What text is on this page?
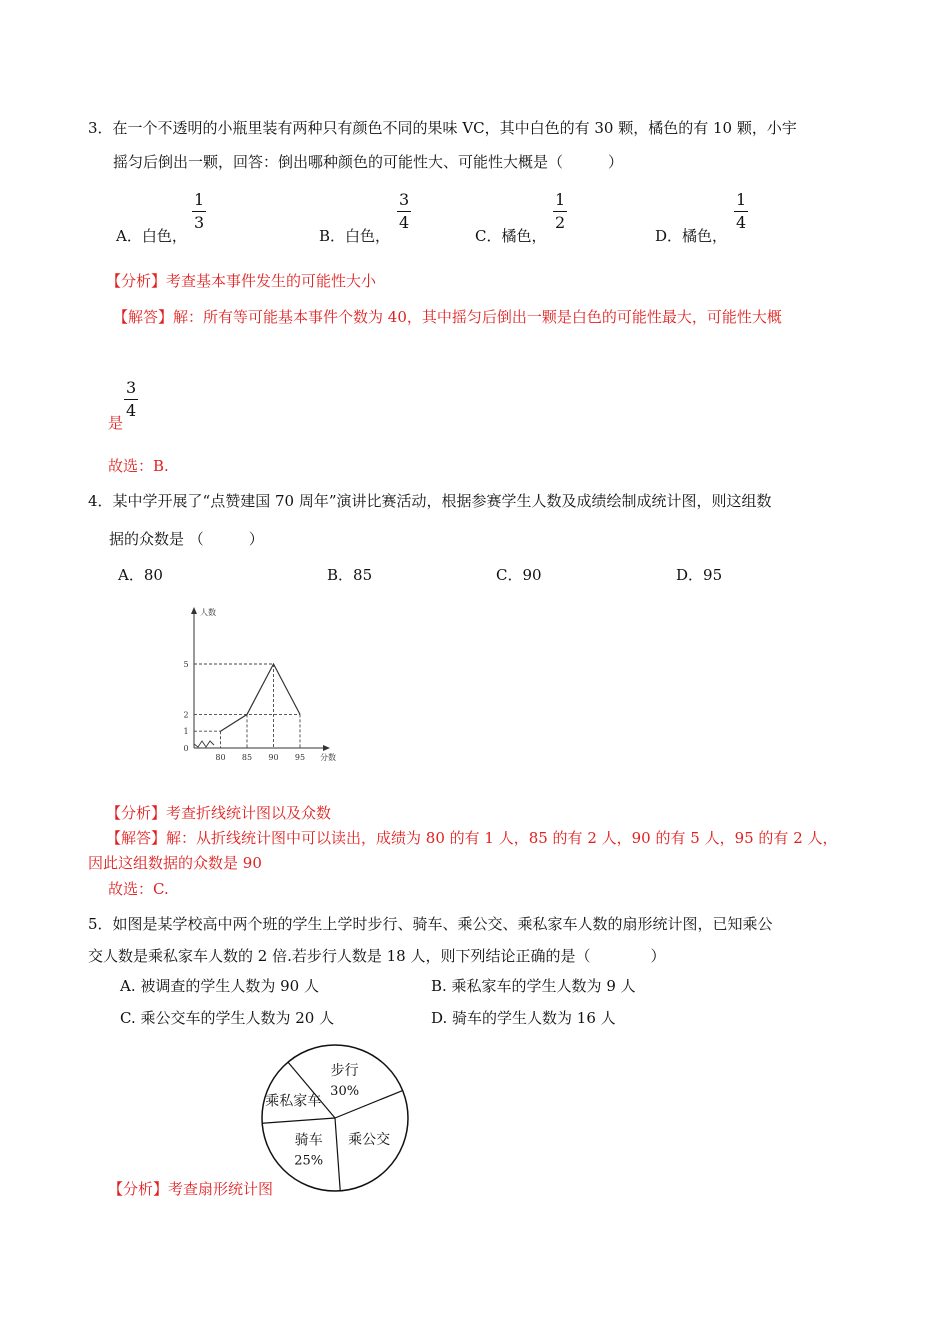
3．在一个不透明的小瓶里装有两种只有颜色不同的果味 VC，其中白色的有 30 颗，橘色的有 10 颗，小宇
摇匀后倒出一颗，回答：倒出哪种颜色的可能性大、可能性大概是（　　　）
A．白色，
$\frac{1}{3}$
B．白色，
$\frac{3}{4}$
C．橘色，
$\frac{1}{2}$
D．橘色，
$\frac{1}{4}$
【分析】考查基本事件发生的可能性大小
【解答】解：所有等可能基本事件个数为 40，其中摇匀后倒出一颗是白色的可能性最大，可能性大概
是
$\frac{3}{4}$
故选：B.
4．某中学开展了“点赞建国 70 周年”演讲比赛活动，根据参赛学生人数及成绩绘制成统计图，则这组数
据的众数是 （　　　）
A．80	B．85	C．90	D．95
人数
分数
0
1
2
5
80 85 90 95
【分析】考查折线统计图以及众数
【解答】解：从折线统计图中可以读出，成绩为 80 的有 1 人，85 的有 2 人，90 的有 5 人，95 的有 2 人，
因此这组数据的众数是 90
故选：C.
5．如图是某学校高中两个班的学生上学时步行、骑车、乘公交、乘私家车人数的扇形统计图，已知乘公
交人数是乘私家车人数的 2 倍.若步行人数是 18 人，则下列结论正确的是（　　　　）
A. 被调查的学生人数为 90 人	B. 乘私家车的学生人数为 9 人
C. 乘公交车的学生人数为 20 人	D. 骑车的学生人数为 16 人
步行
30%
乘公交
骑车
25%
乘私家车
【分析】考查扇形统计图
